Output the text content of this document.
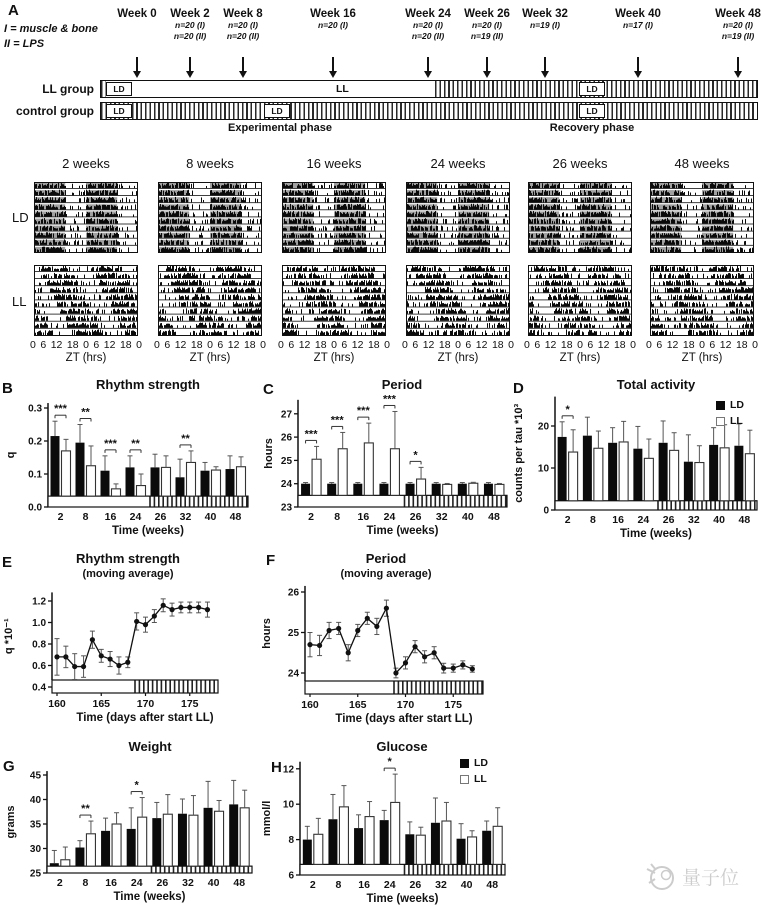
A
I = muscle & bone
II = LPS
Week 0 Week 2
n=20 (I)
n=20 (II)
Week 8
n=20 (I)
n=20 (II)
Week 16
n=20 (I)
Week 24
n=20 (I)
n=20 (II)
Week 26
n=20 (I)
n=19 (II)
Week 32
n=19 (I)
Week 40
n=17 (I)
Week 48
n=20 (I)
n=19 (II)
LL group	LD	LD
LL
control group	LD	LD	LD
Experimental phase	Recovery phase
LD
LL
2 weeks
0 6 12 18 0 6 12 18 0
ZT (hrs)
8 weeks
0 6 12 18 0 6 12 18 0
ZT (hrs)
16 weeks
0 6 12 18 0 6 12 18 0
ZT (hrs)
24 weeks
0 6 12 18 0 6 12 18 0
ZT (hrs)
26 weeks
0 6 12 18 0 6 12 18 0
ZT (hrs)
48 weeks
0 6 12 18 0 6 12 18 0
ZT (hrs)
B	C	D
E	F
G	H
Rhythm strength	Period	Total activity
Rhythm strength
(moving average)
Period
(moving average)
Weight	Glucose
LD
LL
LD
LL
量子位
